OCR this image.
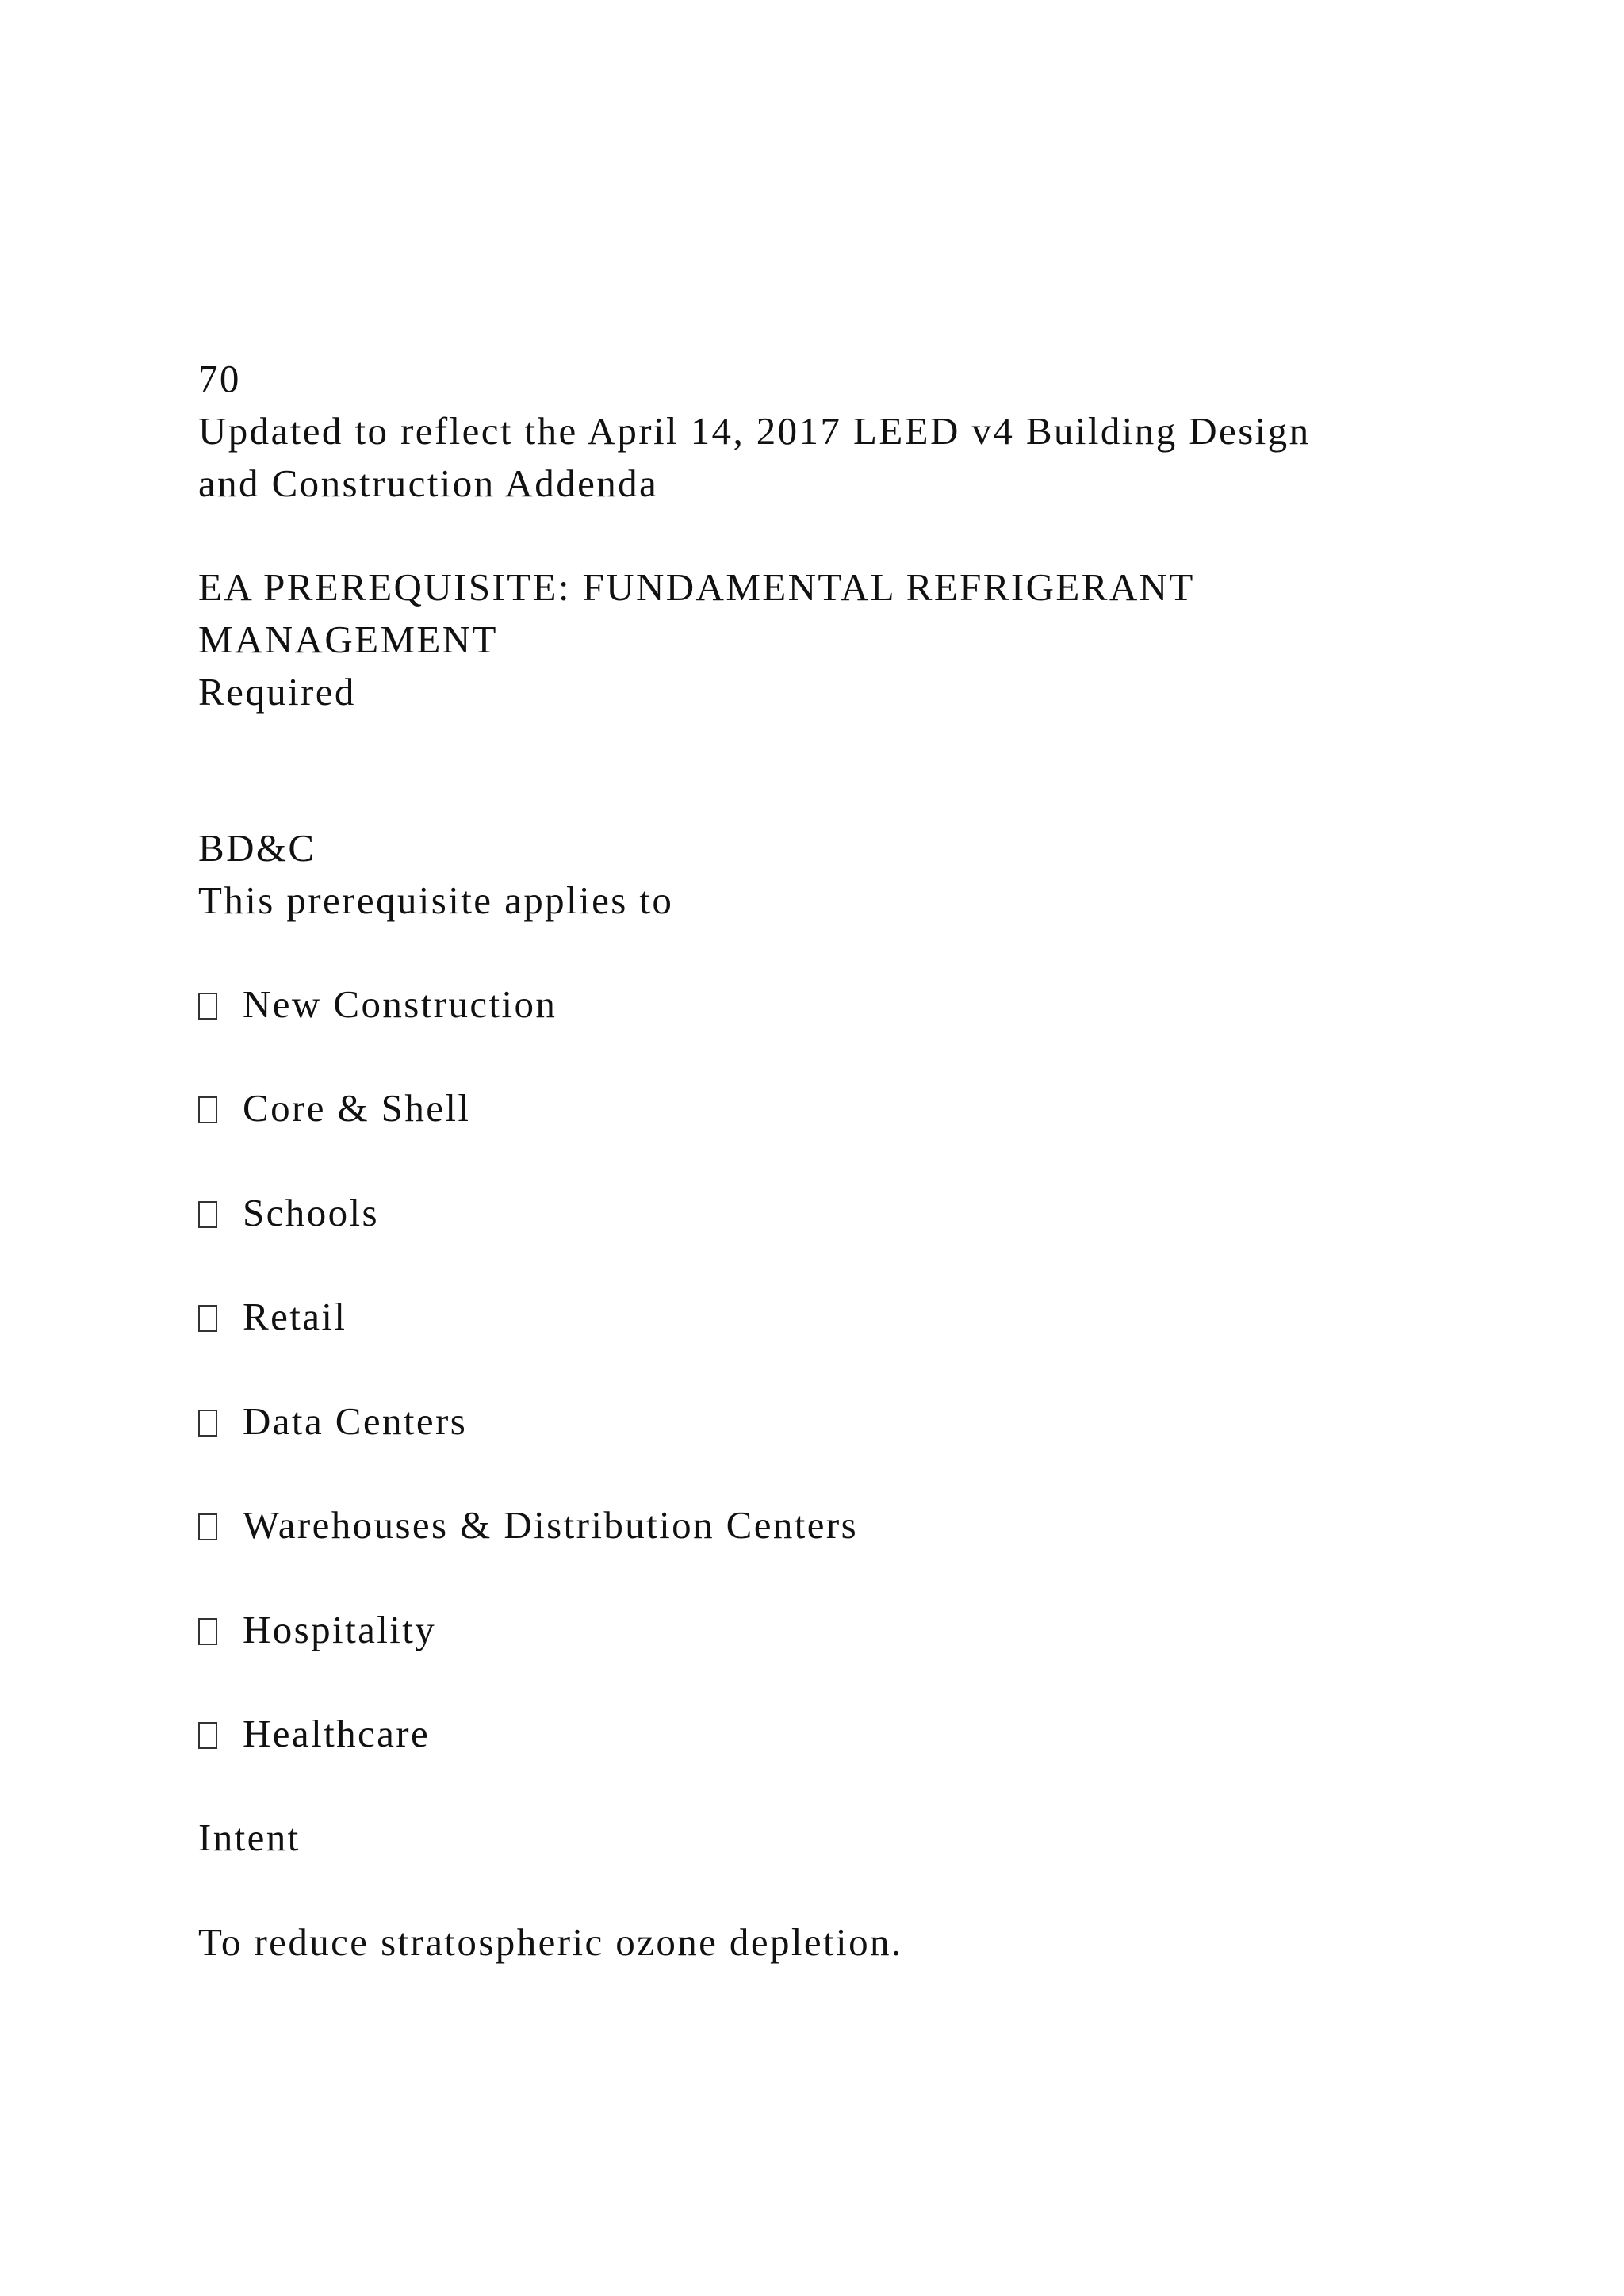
70
Updated to reflect the April 14, 2017 LEED v4 Building Design
and Construction Addenda
EA PREREQUISITE: FUNDAMENTAL REFRIGERANT
MANAGEMENT
Required
BD&C
This prerequisite applies to
New Construction
Core & Shell
Schools
Retail
Data Centers
Warehouses & Distribution Centers
Hospitality
Healthcare
Intent
To reduce stratospheric ozone depletion.
